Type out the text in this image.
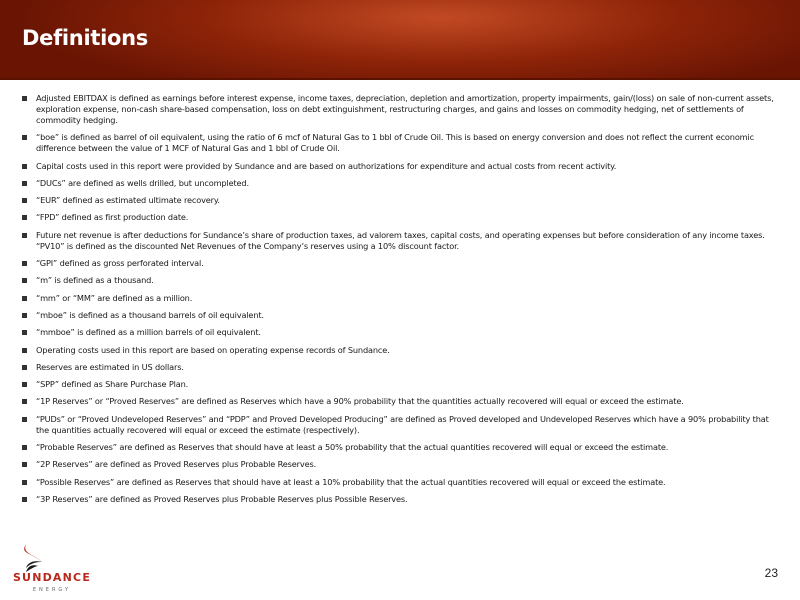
Definitions
Adjusted EBITDAX is defined as earnings before interest expense, income taxes, depreciation, depletion and amortization, property impairments, gain/(loss) on sale of non-current assets, exploration expense, non-cash share-based compensation, loss on debt extinguishment, restructuring charges, and gains and losses on commodity hedging, net of settlements of commodity hedging.
“boe” is defined as barrel of oil equivalent, using the ratio of 6 mcf of Natural Gas to 1 bbl of Crude Oil. This is based on energy conversion and does not reflect the current economic difference between the value of 1 MCF of Natural Gas and 1 bbl of Crude Oil.
Capital costs used in this report were provided by Sundance and are based on authorizations for expenditure and actual costs from recent activity.
“DUCs” are defined as wells drilled, but uncompleted.
“EUR” defined as estimated ultimate recovery.
“FPD” defined as first production date.
Future net revenue is after deductions for Sundance’s share of production taxes, ad valorem taxes, capital costs, and operating expenses but before consideration of any income taxes. “PV10” is defined as the discounted Net Revenues of the Company’s reserves using a 10% discount factor.
“GPI” defined as gross perforated interval.
“m” is defined as a thousand.
“mm” or “MM” are defined as a million.
“mboe” is defined as a thousand barrels of oil equivalent.
“mmboe” is defined as a million barrels of oil equivalent.
Operating costs used in this report are based on operating expense records of Sundance.
Reserves are estimated in US dollars.
“SPP” defined as Share Purchase Plan.
“1P Reserves” or “Proved Reserves” are defined as Reserves which have a 90% probability that the quantities actually recovered will equal or exceed the estimate.
“PUDs” or “Proved Undeveloped Reserves” and “PDP” and Proved Developed Producing” are defined as Proved developed and Undeveloped Reserves which have a 90% probability that the quantities actually recovered will equal or exceed the estimate (respectively).
“Probable Reserves” are defined as Reserves that should have at least a 50% probability that the actual quantities recovered will equal or exceed the estimate.
“2P Reserves” are defined as Proved Reserves plus Probable Reserves.
“Possible Reserves” are defined as Reserves that should have at least a 10% probability that the actual quantities recovered will equal or exceed the estimate.
“3P Reserves” are defined as Proved Reserves plus Probable Reserves plus Possible Reserves.
SUNDANCE
ENERGY
23
